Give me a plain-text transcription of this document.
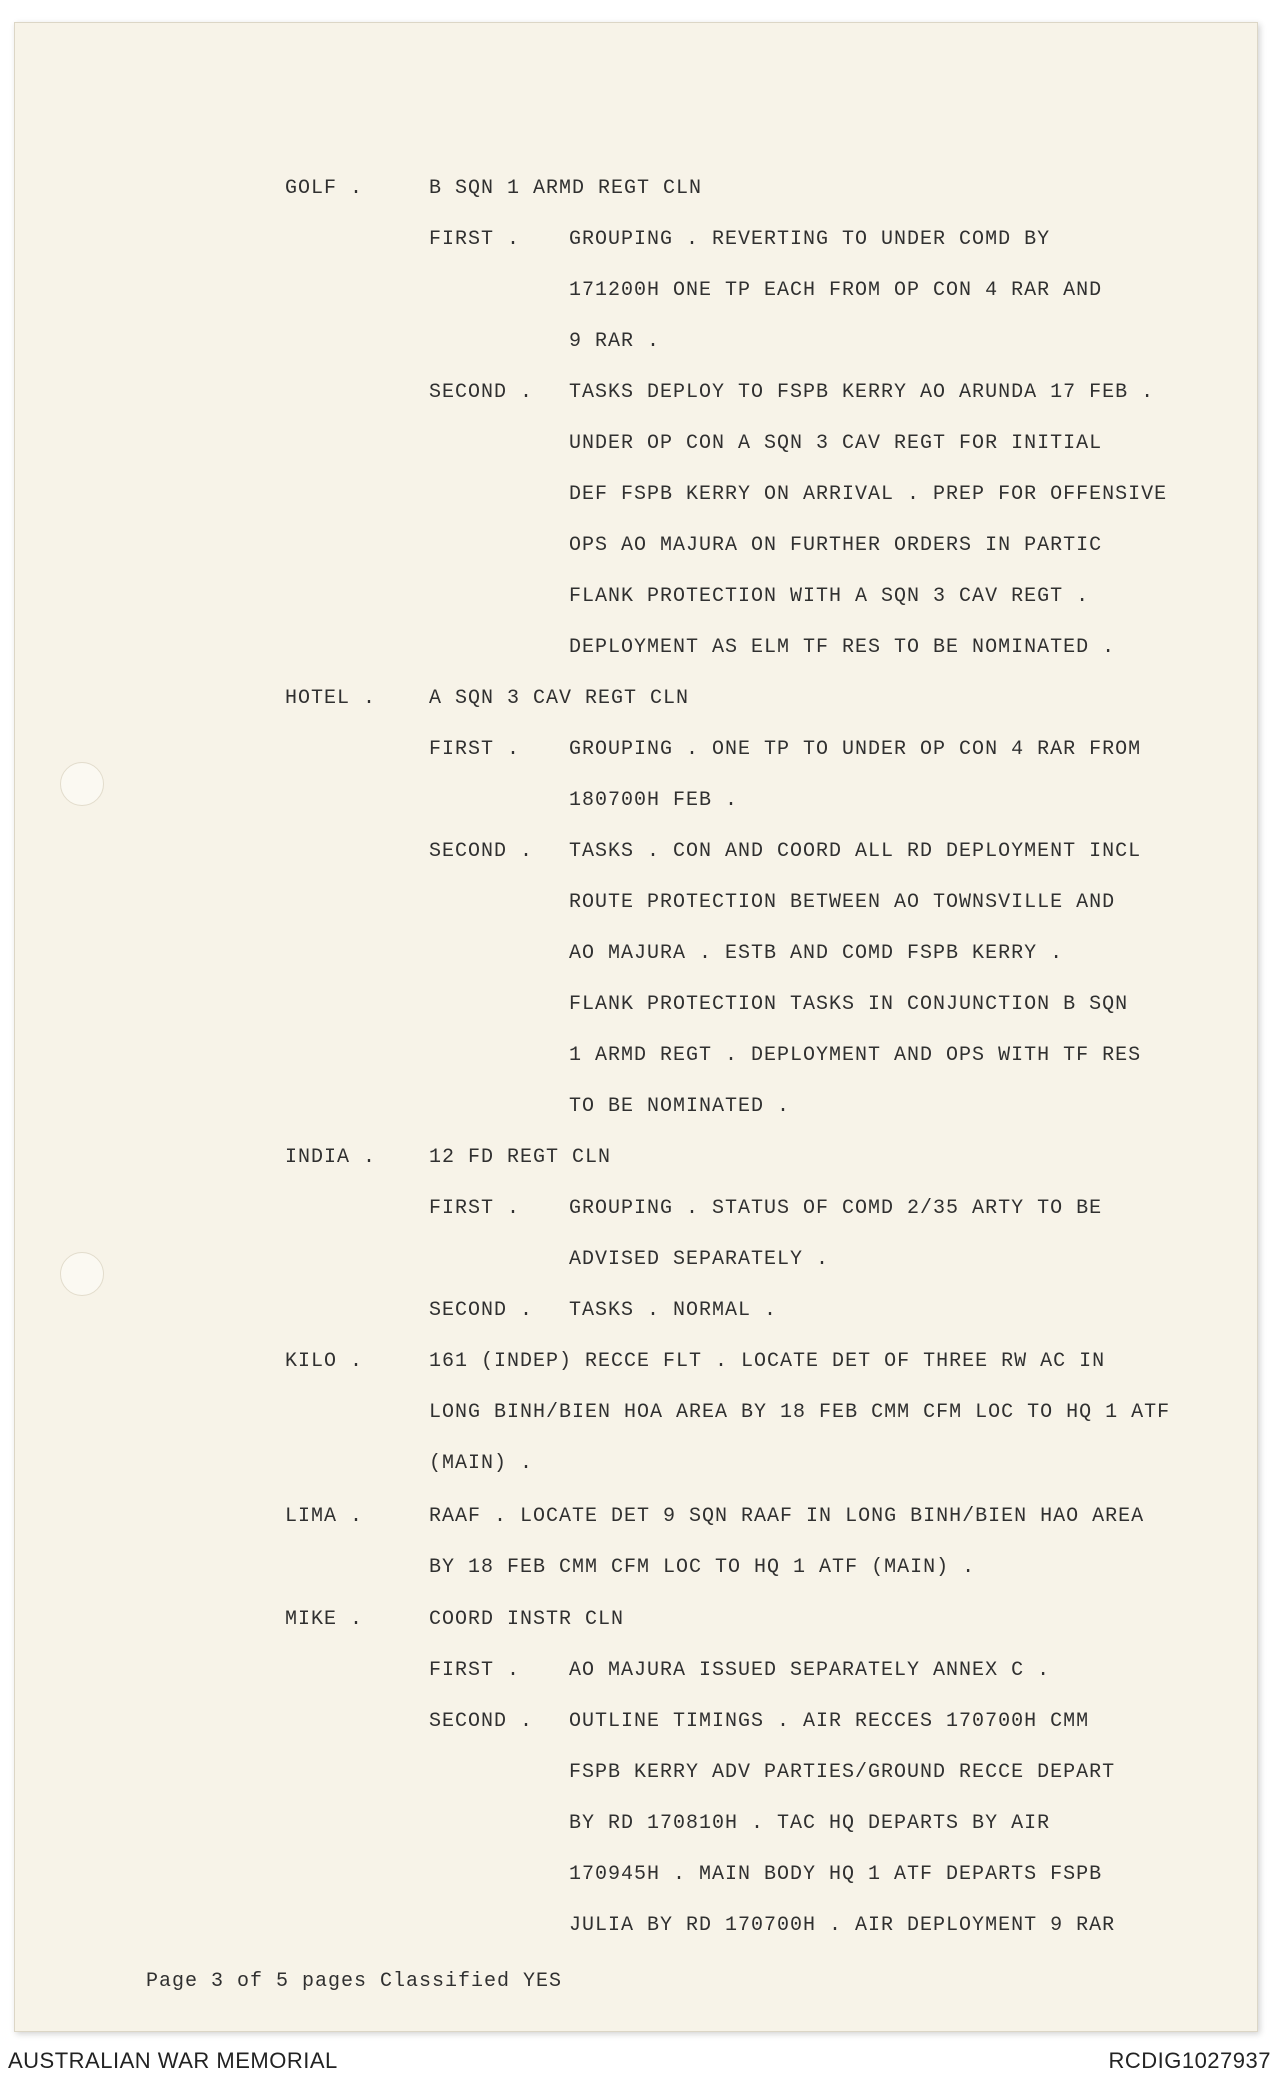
GOLF .	B SQN 1 ARMD REGT CLN
FIRST . GROUPING . REVERTING TO UNDER COMD BY
171200H ONE TP EACH FROM OP CON 4 RAR AND
9 RAR .
SECOND . TASKS DEPLOY TO FSPB KERRY AO ARUNDA 17 FEB .
UNDER OP CON A SQN 3 CAV REGT FOR INITIAL
DEF FSPB KERRY ON ARRIVAL . PREP FOR OFFENSIVE
OPS AO MAJURA ON FURTHER ORDERS IN PARTIC
FLANK PROTECTION WITH A SQN 3 CAV REGT .
DEPLOYMENT AS ELM TF RES TO BE NOMINATED .
HOTEL .	A SQN 3 CAV REGT CLN
FIRST . GROUPING . ONE TP TO UNDER OP CON 4 RAR FROM
180700H FEB .
SECOND . TASKS . CON AND COORD ALL RD DEPLOYMENT INCL
ROUTE PROTECTION BETWEEN AO TOWNSVILLE AND
AO MAJURA . ESTB AND COMD FSPB KERRY .
FLANK PROTECTION TASKS IN CONJUNCTION B SQN
1 ARMD REGT . DEPLOYMENT AND OPS WITH TF RES
TO BE NOMINATED .
INDIA .	12 FD REGT CLN
FIRST . GROUPING . STATUS OF COMD 2/35 ARTY TO BE
ADVISED SEPARATELY .
SECOND . TASKS . NORMAL .
KILO .	161 (INDEP) RECCE FLT . LOCATE DET OF THREE RW AC IN
LONG BINH/BIEN HOA AREA BY 18 FEB CMM CFM LOC TO HQ 1 ATF
(MAIN) .
LIMA .	RAAF . LOCATE DET 9 SQN RAAF IN LONG BINH/BIEN HAO AREA
BY 18 FEB CMM CFM LOC TO HQ 1 ATF (MAIN) .
MIKE .	COORD INSTR CLN
FIRST . AO MAJURA ISSUED SEPARATELY ANNEX C .
SECOND . OUTLINE TIMINGS . AIR RECCES 170700H CMM
FSPB KERRY ADV PARTIES/GROUND RECCE DEPART
BY RD 170810H . TAC HQ DEPARTS BY AIR
170945H . MAIN BODY HQ 1 ATF DEPARTS FSPB
JULIA BY RD 170700H . AIR DEPLOYMENT 9 RAR
Page 3 of 5 pages Classified YES
AUSTRALIAN WAR MEMORIAL	RCDIG1027937
